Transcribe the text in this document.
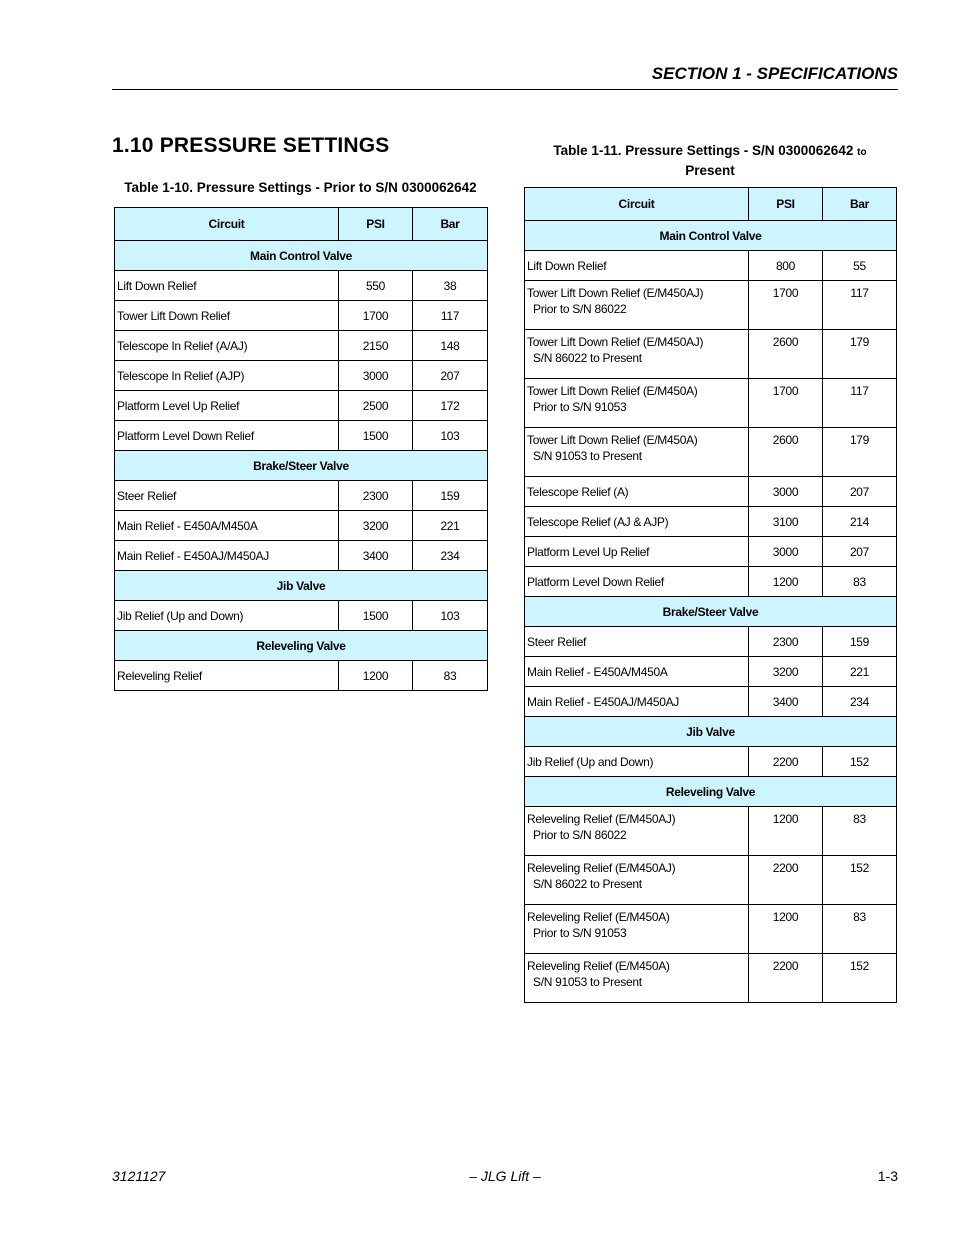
SECTION 1 - SPECIFICATIONS
1.10 PRESSURE SETTINGS
Table 1-10. Pressure Settings - Prior to S/N 0300062642
Circuit	PSI	Bar
Main Control Valve		
Lift Down Relief	550	38
Tower Lift Down Relief	1700	117
Telescope In Relief (A/AJ)	2150	148
Telescope In Relief (AJP)	3000	207
Platform Level Up Relief	2500	172
Platform Level Down Relief	1500	103
Brake/Steer Valve		
Steer Relief	2300	159
Main Relief - E450A/M450A	3200	221
Main Relief - E450AJ/M450AJ	3400	234
Jib Valve		
Jib Relief (Up and Down)	1500	103
Releveling Valve		
Releveling Relief	1200	83
Table 1-11. Pressure Settings - S/N 0300062642 to
Present
Circuit	PSI	Bar
Main Control Valve		
Lift Down Relief	800	55
Tower Lift Down Relief (E/M450AJ)
Prior to S/N 86022	1700	117
Tower Lift Down Relief (E/M450AJ)
S/N 86022 to Present	2600	179
Tower Lift Down Relief (E/M450A)
Prior to S/N 91053	1700	117
Tower Lift Down Relief (E/M450A)
S/N 91053 to Present	2600	179
Telescope Relief (A)	3000	207
Telescope Relief (AJ & AJP)	3100	214
Platform Level Up Relief	3000	207
Platform Level Down Relief	1200	83
Brake/Steer Valve		
Steer Relief	2300	159
Main Relief - E450A/M450A	3200	221
Main Relief - E450AJ/M450AJ	3400	234
Jib Valve		
Jib Relief (Up and Down)	2200	152
Releveling Valve		
Releveling Relief (E/M450AJ)
Prior to S/N 86022	1200	83
Releveling Relief (E/M450AJ)
S/N 86022 to Present	2200	152
Releveling Relief (E/M450A)
Prior to S/N 91053	1200	83
Releveling Relief (E/M450A)
S/N 91053 to Present	2200	152
3121127	– JLG Lift –	1-3
